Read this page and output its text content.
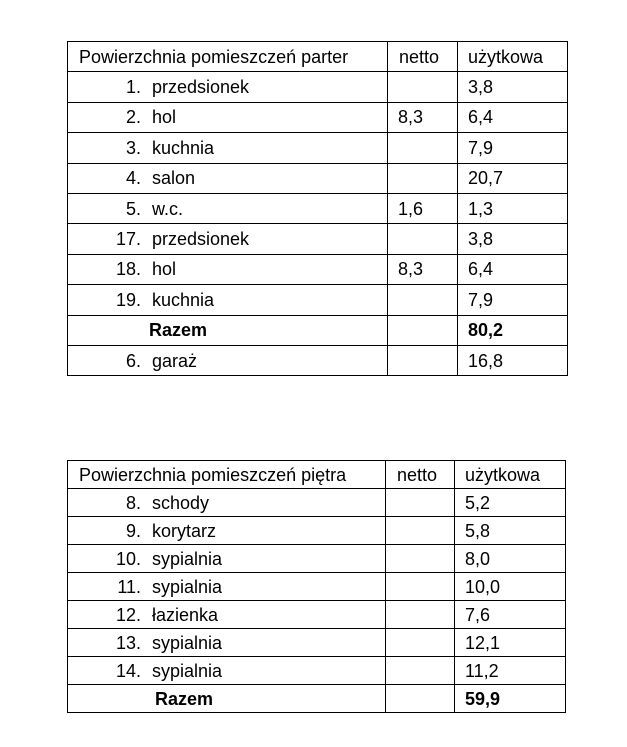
Powierzchnia pomieszczeń parter	netto	użytkowa
1. przedsionek		3,8
2. hol	8,3	6,4
3. kuchnia		7,9
4. salon		20,7
5. w.c.	1,6	1,3
17. przedsionek		3,8
18. hol	8,3	6,4
19. kuchnia		7,9
Razem		80,2
6. garaż		16,8
Powierzchnia pomieszczeń piętra	netto	użytkowa
8. schody		5,2
9. korytarz		5,8
10. sypialnia		8,0
11. sypialnia		10,0
12. łazienka		7,6
13. sypialnia		12,1
14. sypialnia		11,2
Razem		59,9
